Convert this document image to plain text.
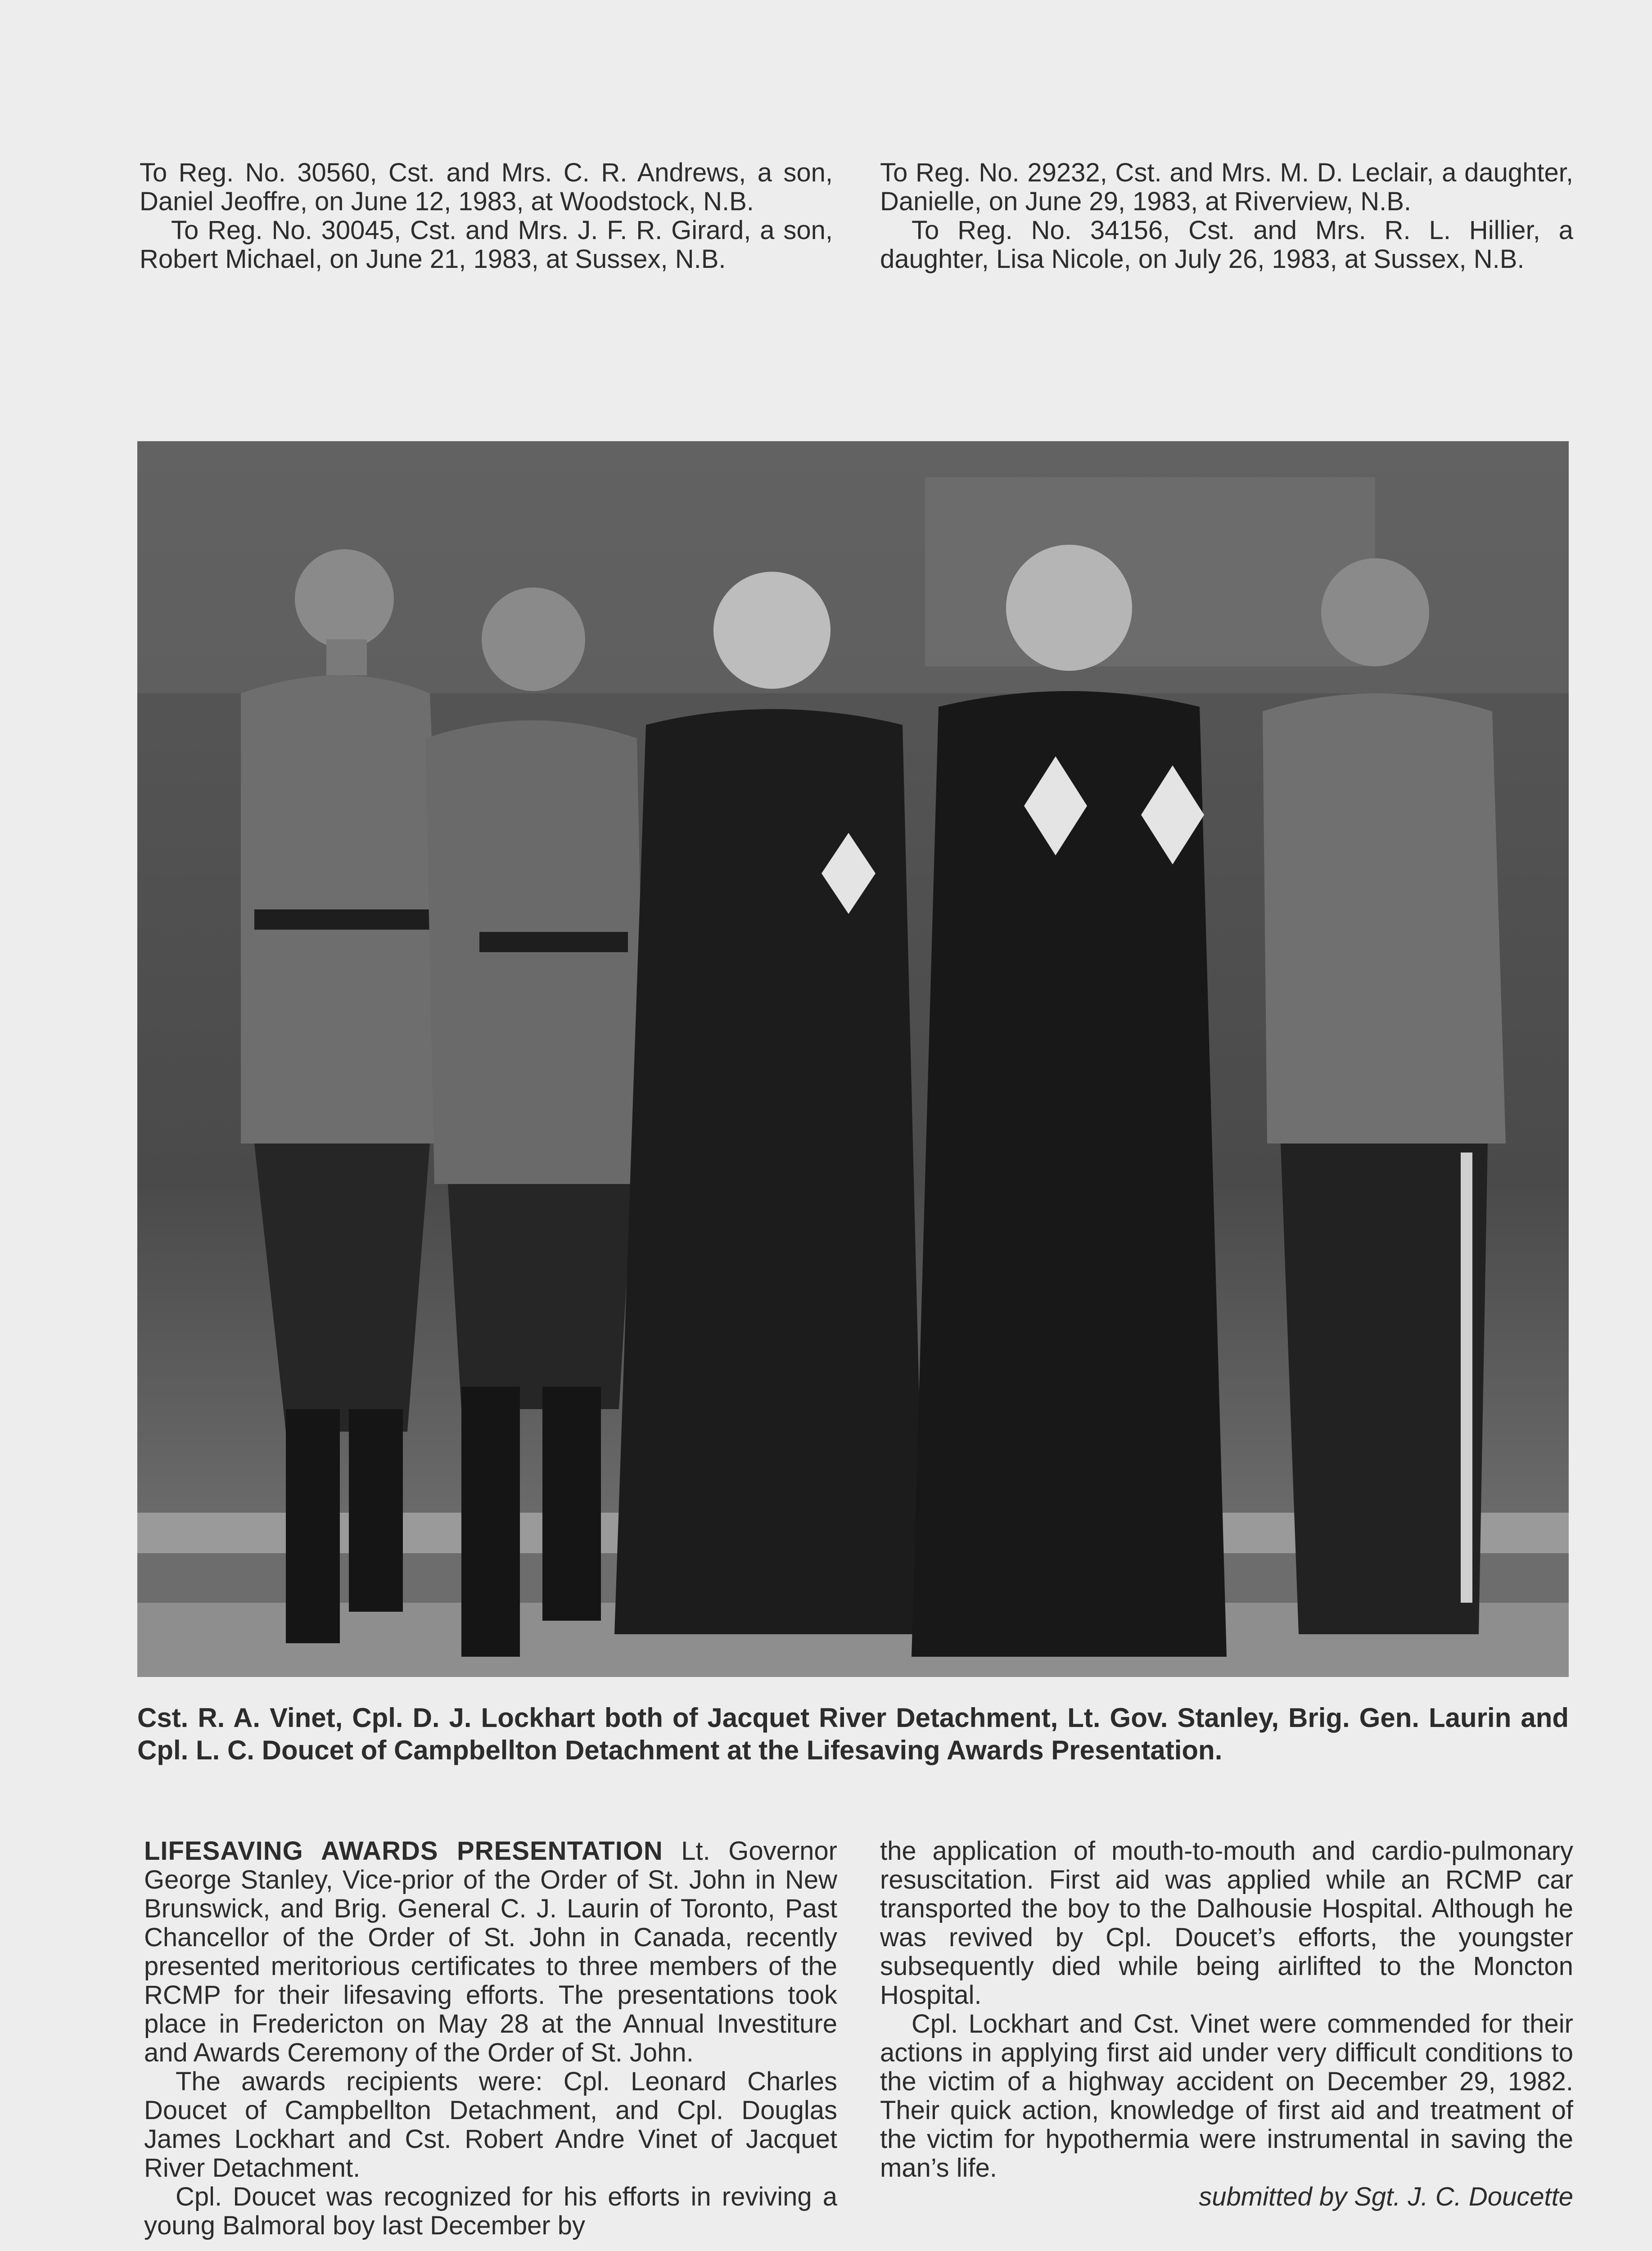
To Reg. No. 30560, Cst. and Mrs. C. R. Andrews, a son, Daniel Jeoffre, on June 12, 1983, at Woodstock, N.B.

To Reg. No. 30045, Cst. and Mrs. J. F. R. Girard, a son, Robert Michael, on June 21, 1983, at Sussex, N.B.

To Reg. No. 29232, Cst. and Mrs. M. D. Leclair, a daughter, Danielle, on June 29, 1983, at Riverview, N.B.

To Reg. No. 34156, Cst. and Mrs. R. L. Hillier, a daughter, Lisa Nicole, on July 26, 1983, at Sussex, N.B.

Cst. R. A. Vinet, Cpl. D. J. Lockhart both of Jacquet River Detachment, Lt. Gov. Stanley, Brig. Gen. Laurin and Cpl. L. C. Doucet of Campbellton Detachment at the Lifesaving Awards Presentation.

LIFESAVING AWARDS PRESENTATION Lt. Governor George Stanley, Vice-prior of the Order of St. John in New Brunswick, and Brig. General C. J. Laurin of Toronto, Past Chancellor of the Order of St. John in Canada, recently presented meritorious certificates to three members of the RCMP for their lifesaving efforts. The presentations took place in Fredericton on May 28 at the Annual Investiture and Awards Ceremony of the Order of St. John.

The awards recipients were: Cpl. Leonard Charles Doucet of Campbellton Detachment, and Cpl. Douglas James Lockhart and Cst. Robert Andre Vinet of Jacquet River Detachment.

Cpl. Doucet was recognized for his efforts in reviving a young Balmoral boy last December by

the application of mouth-to-mouth and cardio-pulmonary resuscitation. First aid was applied while an RCMP car transported the boy to the Dalhousie Hospital. Although he was revived by Cpl. Doucet’s efforts, the youngster subsequently died while being airlifted to the Moncton Hospital.

Cpl. Lockhart and Cst. Vinet were commended for their actions in applying first aid under very difficult conditions to the victim of a highway accident on December 29, 1982. Their quick action, knowledge of first aid and treatment of the victim for hypothermia were instrumental in saving the man’s life.

submitted by Sgt. J. C. Doucette
